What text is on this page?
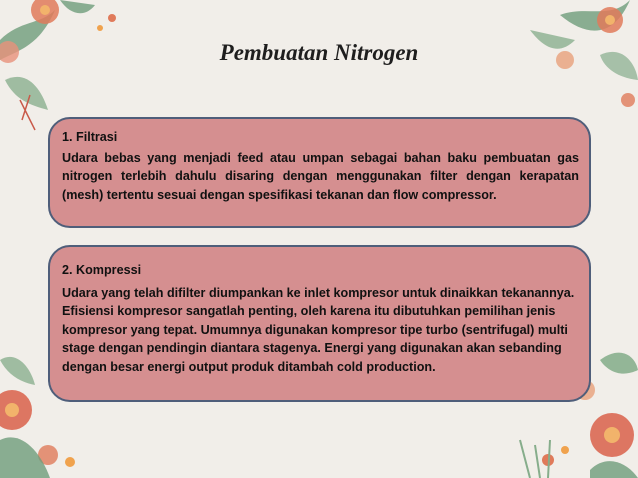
Pembuatan Nitrogen
1. Filtrasi
Udara bebas yang menjadi feed atau umpan sebagai bahan baku pembuatan gas nitrogen terlebih dahulu disaring dengan menggunakan filter dengan kerapatan (mesh) tertentu sesuai dengan spesifikasi tekanan dan flow compressor.
2. Kompressi
Udara yang telah difilter diumpankan ke inlet kompresor untuk dinaikkan tekanannya. Efisiensi kompresor sangatlah penting, oleh karena itu dibutuhkan pemilihan jenis kompresor yang tepat. Umumnya digunakan kompresor tipe turbo (sentrifugal) multi stage dengan pendingin diantara stagenya. Energi yang digunakan akan sebanding dengan besar energi output produk ditambah cold production.
